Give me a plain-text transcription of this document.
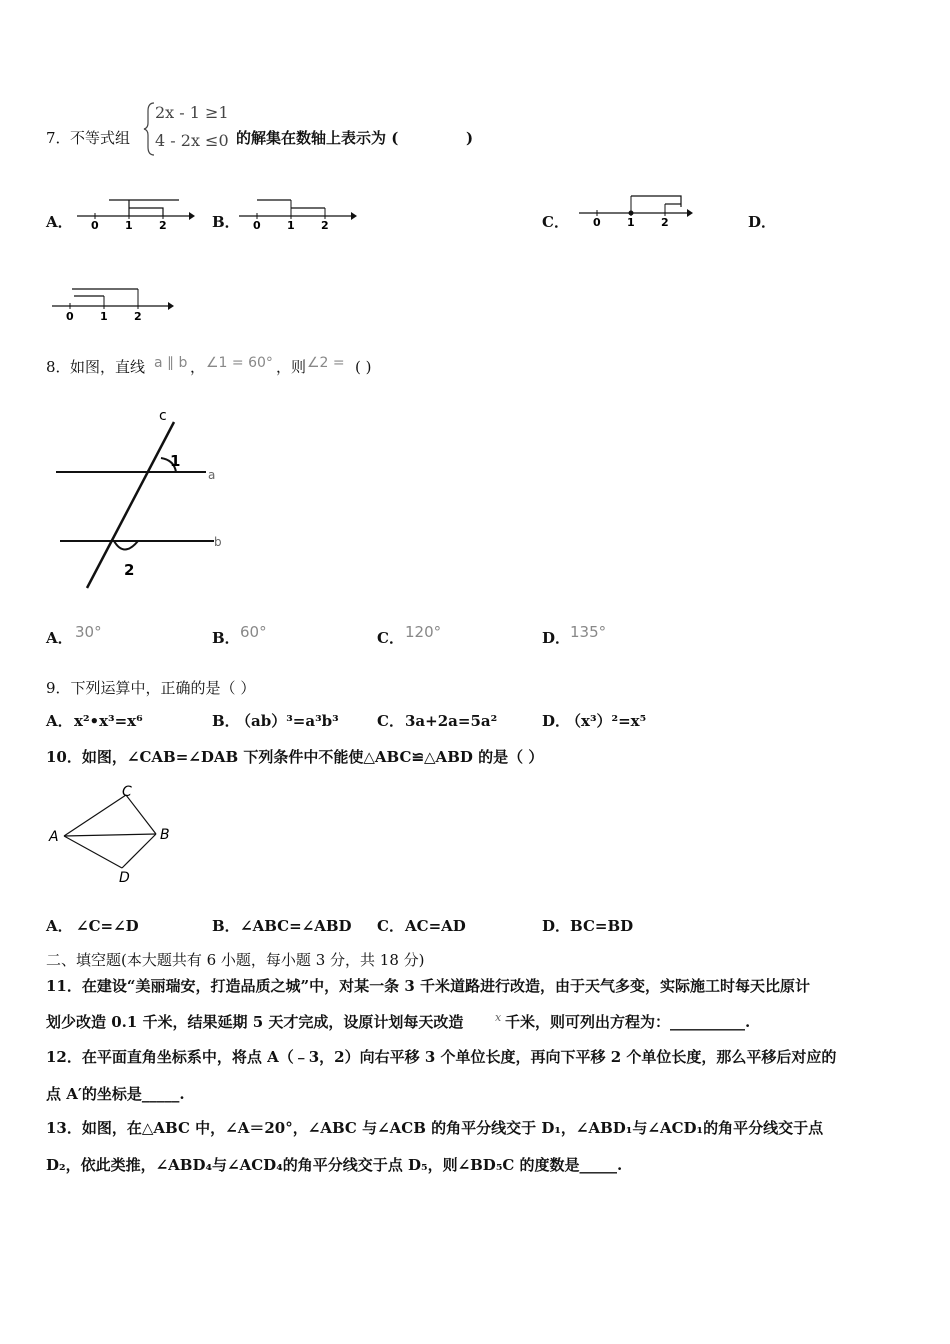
7． 不等式组
2x - 1 ≥1
4 - 2x ≤0 的解集在数轴上表示为 (	)
A． 0 1 2	B． 0 1 2	C． 0 1 2	D．
0 1 2
8． 如图，直线 a ∥ b ， ∠1 = 60° ，则 ∠2 = ( )
c
a
b
1
2
A． 30°	B． 60°	C． 120°	D． 135°
9．下列运算中，正确的是（ ）
A． x²•x³=x⁶	B．
（ab）³=a³b³	C． 3a+2a=5a²	D．
（x³）²=x⁵
10．如图，∠CAB=∠DAB 下列条件中不能使△ABC≌△ABD 的是（ ）
A	B
C
D
A． ∠C=∠D	B． ∠ABC=∠ABD C． AC=AD	D． BC=BD
二、填空题(本大题共有 6 小题，每小题 3 分，共 18 分)
11．在建设“美丽瑞安，打造品质之城”中，对某一条 3 千米道路进行改造，由于天气多变，实际施工时每天比原计
划少改造 0.1 千米，结果延期 5 天才完成，设原计划每天改造	x 千米，则可列出方程为：__________.
12．在平面直角坐标系中，将点 A（﹣3，2）向右平移 3 个单位长度，再向下平移 2 个单位长度，那么平移后对应的
点 A′的坐标是_____.
13．如图，在△ABC 中，∠A＝20°，∠ABC 与∠ACB 的角平分线交于 D₁，∠ABD₁与∠ACD₁的角平分线交于点
D₂，依此类推，∠ABD₄与∠ACD₄的角平分线交于点 D₅，则∠BD₅C 的度数是_____.
